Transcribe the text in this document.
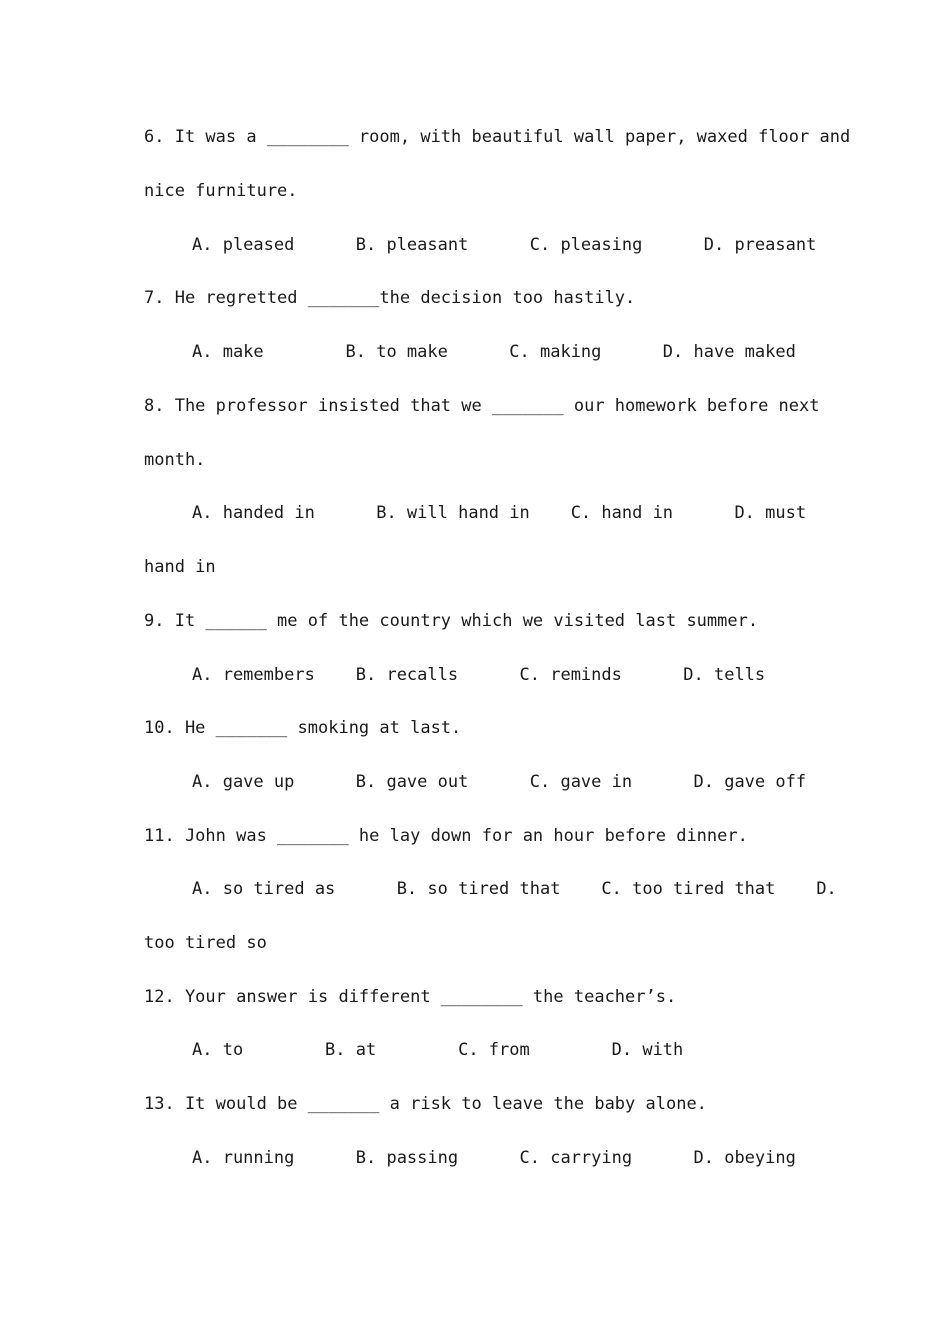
6. It was a ________ room, with beautiful wall paper, waxed floor and
nice furniture.
A. pleased      B. pleasant      C. pleasing      D. preasant
7. He regretted _______the decision too hastily.
A. make        B. to make      C. making      D. have maked
8. The professor insisted that we _______ our homework before next
month.
A. handed in      B. will hand in    C. hand in      D. must
hand in
9. It ______ me of the country which we visited last summer.
A. remembers    B. recalls      C. reminds      D. tells
10. He _______ smoking at last.
A. gave up      B. gave out      C. gave in      D. gave off
11. John was _______ he lay down for an hour before dinner.
A. so tired as      B. so tired that    C. too tired that    D.
too tired so
12. Your answer is different ________ the teacher’s.
A. to        B. at        C. from        D. with
13. It would be _______ a risk to leave the baby alone.
A. running      B. passing      C. carrying      D. obeying
